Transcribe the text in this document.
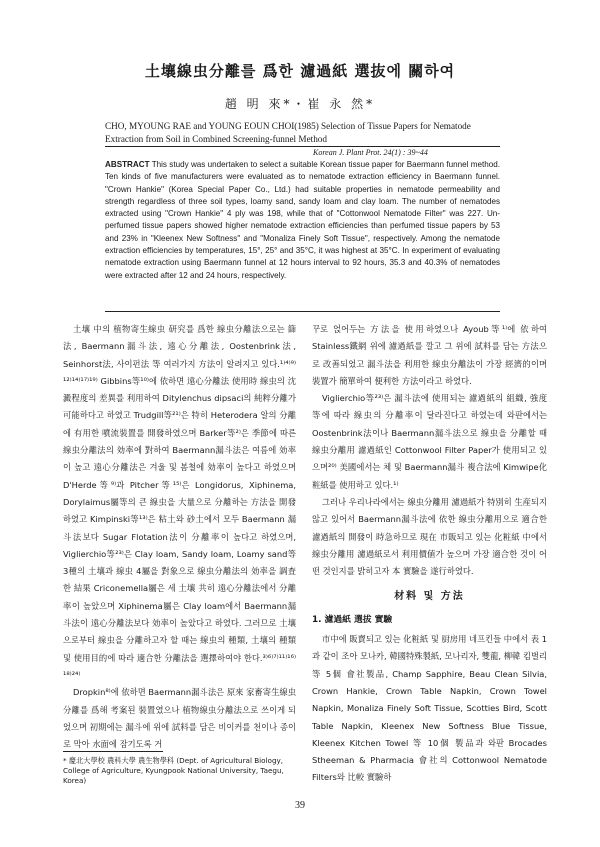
土壤線虫分離를 爲한 濾過紙 選抜에 關하여
趙 明 來*・崔 永 然*
CHO, MYOUNG RAE and YOUNG EOUN CHOI(1985) Selection of Tissue Papers for Nematode Extraction from Soil in Combined Screening-funnel Method
Korean J. Plant Prot. 24(1) : 39~44
ABSTRACT This study was undertaken to select a suitable Korean tissue paper for Baermann funnel method. Ten kinds of five manufacturers were evaluated as to nematode extraction efficiency in Baermann funnel. "Crown Hankie" (Korea Special Paper Co., Ltd.) had suitable properties in nematode permeability and strength regardless of three soil types, loamy sand, sandy loam and clay loam. The number of nematodes extracted using "Crown Hankie" 4 ply was 198, while that of "Cottonwool Nematode Filter" was 227. Un-perfumed tissue papers showed higher nematode extraction efficiencies than perfumed tissue papers by 53 and 23% in "Kleenex New Softness" and "Monaliza Finely Soft Tissue", respectively. Among the nematode extraction efficiencies by temperatures, 15°, 25° and 35°C, it was highest at 35°C. In experiment of evaluating nematode extraction using Baermann funnel at 12 hours interval to 92 hours, 35.3 and 40.3% of nematodes were extracted after 12 and 24 hours, respectively.

土壤 中의 植物寄生線虫 研究를 爲한 線虫分離法으로는 篩法, Baermann漏斗法, 遠心分離法, Oostenbrink法, Seinhorst法, 사이펀法 等 여러가지 方法이 알려지고 있다.¹⁾⁴⁾⁹⁾¹²⁾¹⁴⁾¹⁷⁾¹⁹⁾ Gibbins等¹⁰⁾에 依하면 遠心分離法 使用時 線虫의 沈澱程度의 差異를 利用하여 Ditylenchus dipsaci의 純粹分離가 可能하다고 하였고 Trudgill等²¹⁾은 特히 Heterodera 알의 分離에 有用한 噴流裝置를 開發하였으며 Barker等²⁾은 季節에 따른 線虫分離法의 効率에 對하여 Baermann漏斗法은 여름에 効率이 높고 遠心分離法은 겨울 및 봄철에 効率이 높다고 하였으며 D'Herde等⁹⁾과 Pitcher等¹⁵⁾은 Longidorus, Xiphinema, Dorylaimus屬等의 큰 線虫을 大量으로 分離하는 方法을 開發하였고 Kimpinski等¹³⁾은 粘土와 砂土에서 모두 Baermann 漏斗法보다 Sugar Flotation法이 分離率이 높다고 하였으며, Viglierchio等²³⁾은 Clay loam, Sandy loam, Loamy sand等 3種의 土壤과 線虫 4屬을 對象으로 線虫分離法의 効率을 調査한 結果 Criconemella屬은 세 土壤 共히 遠心分離法에서 分離率이 높았으며 Xiphinema屬은 Clay loam에서 Baermann漏斗法이 遠心分離法보다 効率이 높았다고 하였다. 그러므로 土壤으로부터 線虫을 分離하고자 할 때는 線虫의 種類, 土壤의 種類 및 使用目的에 따라 適合한 分離法을 選擇하여야 한다.³⁾⁶⁾⁷⁾¹¹⁾¹⁶⁾¹⁸⁾²⁴⁾

Dropkin⁸⁾에 依하면 Baermann漏斗法은 原來 家畜寄生線虫分離를 爲해 考案된 裝置였으나 植物線虫分離法으로 쓰이게 되었으며 初期에는 漏斗에 위에 試料를 담은 비이커를 천이나 종이로 막아 水面에 잠기도록 거

꾸로 얹어두는 方法을 使用하였으나 Ayoub等¹⁾에 依하여 Stainless鐵網 위에 濾過紙를 깔고 그 위에 試料를 담는 方法으로 改善되었고 漏斗法을 利用한 線虫分離法이 가장 經濟的이며 裝置가 簡單하여 便利한 方法이라고 하였다.

Viglierchio等²³⁾은 漏斗法에 使用되는 濾過紙의 組織, 強度 等에 따라 線虫의 分離率이 달라진다고 하였는데 와판에서는 Oostenbrink法이나 Baermann漏斗法으로 線虫을 分離할 때 線虫分離用 濾過紙인 Cottonwool Filter Paper가 使用되고 있으며²⁰⁾ 美國에서는 체 및 Baermann漏斗 複合法에 Kimwipe化粧紙를 使用하고 있다.¹⁾

그러나 우리나라에서는 線虫分離用 濾過紙가 特別히 生産되지 않고 있어서 Baermann漏斗法에 依한 線虫分離用으로 適合한 濾過紙의 開發이 時急하므로 現在 市販되고 있는 化粧紙 中에서 線虫分離用 濾過紙로서 利用價値가 높으며 가장 適合한 것이 어떤 것인지를 밝히고자 本 實驗을 遂行하였다.

材料 및 方法
1. 濾過紙 選拔 實驗

市中에 販賣되고 있는 化粧紙 및 厨房用 네프킨들 中에서 表 1과 같이 조아 모나카, 韓國特殊製紙, 모나리자, 雙龍, 柳韓 킴벌리 等 5個 會社製品, Champ Sapphire, Beau Clean Silvia, Crown Hankie, Crown Table Napkin, Crown Towel Napkin, Monaliza Finely Soft Tissue, Scotties Bird, Scott Table Napkin, Kleenex New Softness Blue Tissue, Kleenex Kitchen Towel 等 10個 製品과 와판 Brocades Stheeman & Pharmacia 會社의 Cottonwool Nematode Filters와 比較 實驗하

* 慶北大學校 農科大學 農生物學科 (Dept. of Agricultural Biology, College of Agriculture, Kyungpook National University, Taegu, Korea)
39
